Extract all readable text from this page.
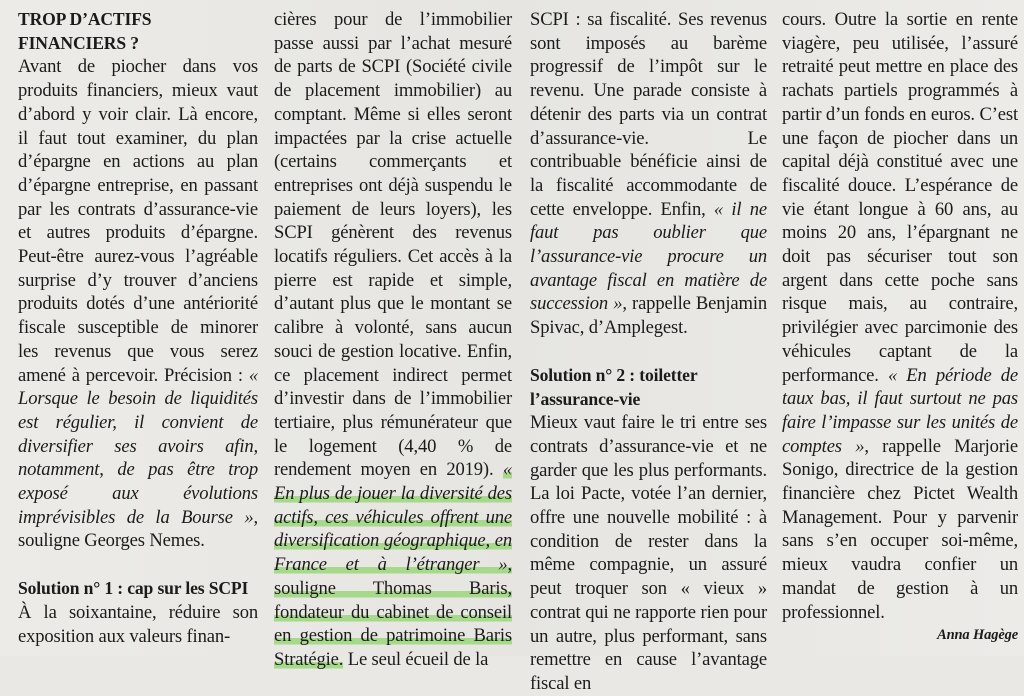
TROP D’ACTIFS FINANCIERS ?

Avant de piocher dans vos produits financiers, mieux vaut d’abord y voir clair. Là encore, il faut tout examiner, du plan d’épargne en actions au plan d’épargne entreprise, en passant par les contrats d’assurance-vie et autres produits d’épargne. Peut-être aurez-vous l’agréable surprise d’y trouver d’anciens produits dotés d’une antériorité fiscale susceptible de minorer les revenus que vous serez amené à percevoir. Précision : « Lorsque le besoin de liquidités est régulier, il convient de diversifier ses avoirs afin, notamment, de pas être trop exposé aux évolutions imprévisibles de la Bourse », souligne Georges Nemes.

Solution n° 1 : cap sur les SCPI

À la soixantaine, réduire son exposition aux valeurs finan-

cières pour de l’immobilier passe aussi par l’achat mesuré de parts de SCPI (Société civile de placement immobilier) au comptant. Même si elles seront impactées par la crise actuelle (certains commerçants et entreprises ont déjà suspendu le paiement de leurs loyers), les SCPI génèrent des revenus locatifs réguliers. Cet accès à la pierre est rapide et simple, d’autant plus que le montant se calibre à volonté, sans aucun souci de gestion locative. Enfin, ce placement indirect permet d’investir dans de l’immobilier tertiaire, plus rémunérateur que le logement (4,40 % de rendement moyen en 2019). « En plus de jouer la diversité des actifs, ces véhicules offrent une diversification géographique, en France et à l’étranger », souligne Thomas Baris, fondateur du cabinet de conseil en gestion de patrimoine Baris Stratégie. Le seul écueil de la

SCPI : sa fiscalité. Ses revenus sont imposés au barème progressif de l’impôt sur le revenu. Une parade consiste à détenir des parts via un contrat d’assurance-vie. Le contribuable bénéficie ainsi de la fiscalité accommodante de cette enveloppe. Enfin, « il ne faut pas oublier que l’assurance-vie procure un avantage fiscal en matière de succession », rappelle Benjamin Spivac, d’Amplegest.

Solution n° 2 : toiletter l’assurance-vie

Mieux vaut faire le tri entre ses contrats d’assurance-vie et ne garder que les plus performants. La loi Pacte, votée l’an dernier, offre une nouvelle mobilité : à condition de rester dans la même compagnie, un assuré peut troquer son « vieux » contrat qui ne rapporte rien pour un autre, plus performant, sans remettre en cause l’avantage fiscal en

cours. Outre la sortie en rente viagère, peu utilisée, l’assuré retraité peut mettre en place des rachats partiels programmés à partir d’un fonds en euros. C’est une façon de piocher dans un capital déjà constitué avec une fiscalité douce. L’espérance de vie étant longue à 60 ans, au moins 20 ans, l’épargnant ne doit pas sécuriser tout son argent dans cette poche sans risque mais, au contraire, privilégier avec parcimonie des véhicules captant de la performance. « En période de taux bas, il faut surtout ne pas faire l’impasse sur les unités de comptes », rappelle Marjorie Sonigo, directrice de la gestion financière chez Pictet Wealth Management. Pour y parvenir sans s’en occuper soi-même, mieux vaudra confier un mandat de gestion à un professionnel.

Anna Hagège
